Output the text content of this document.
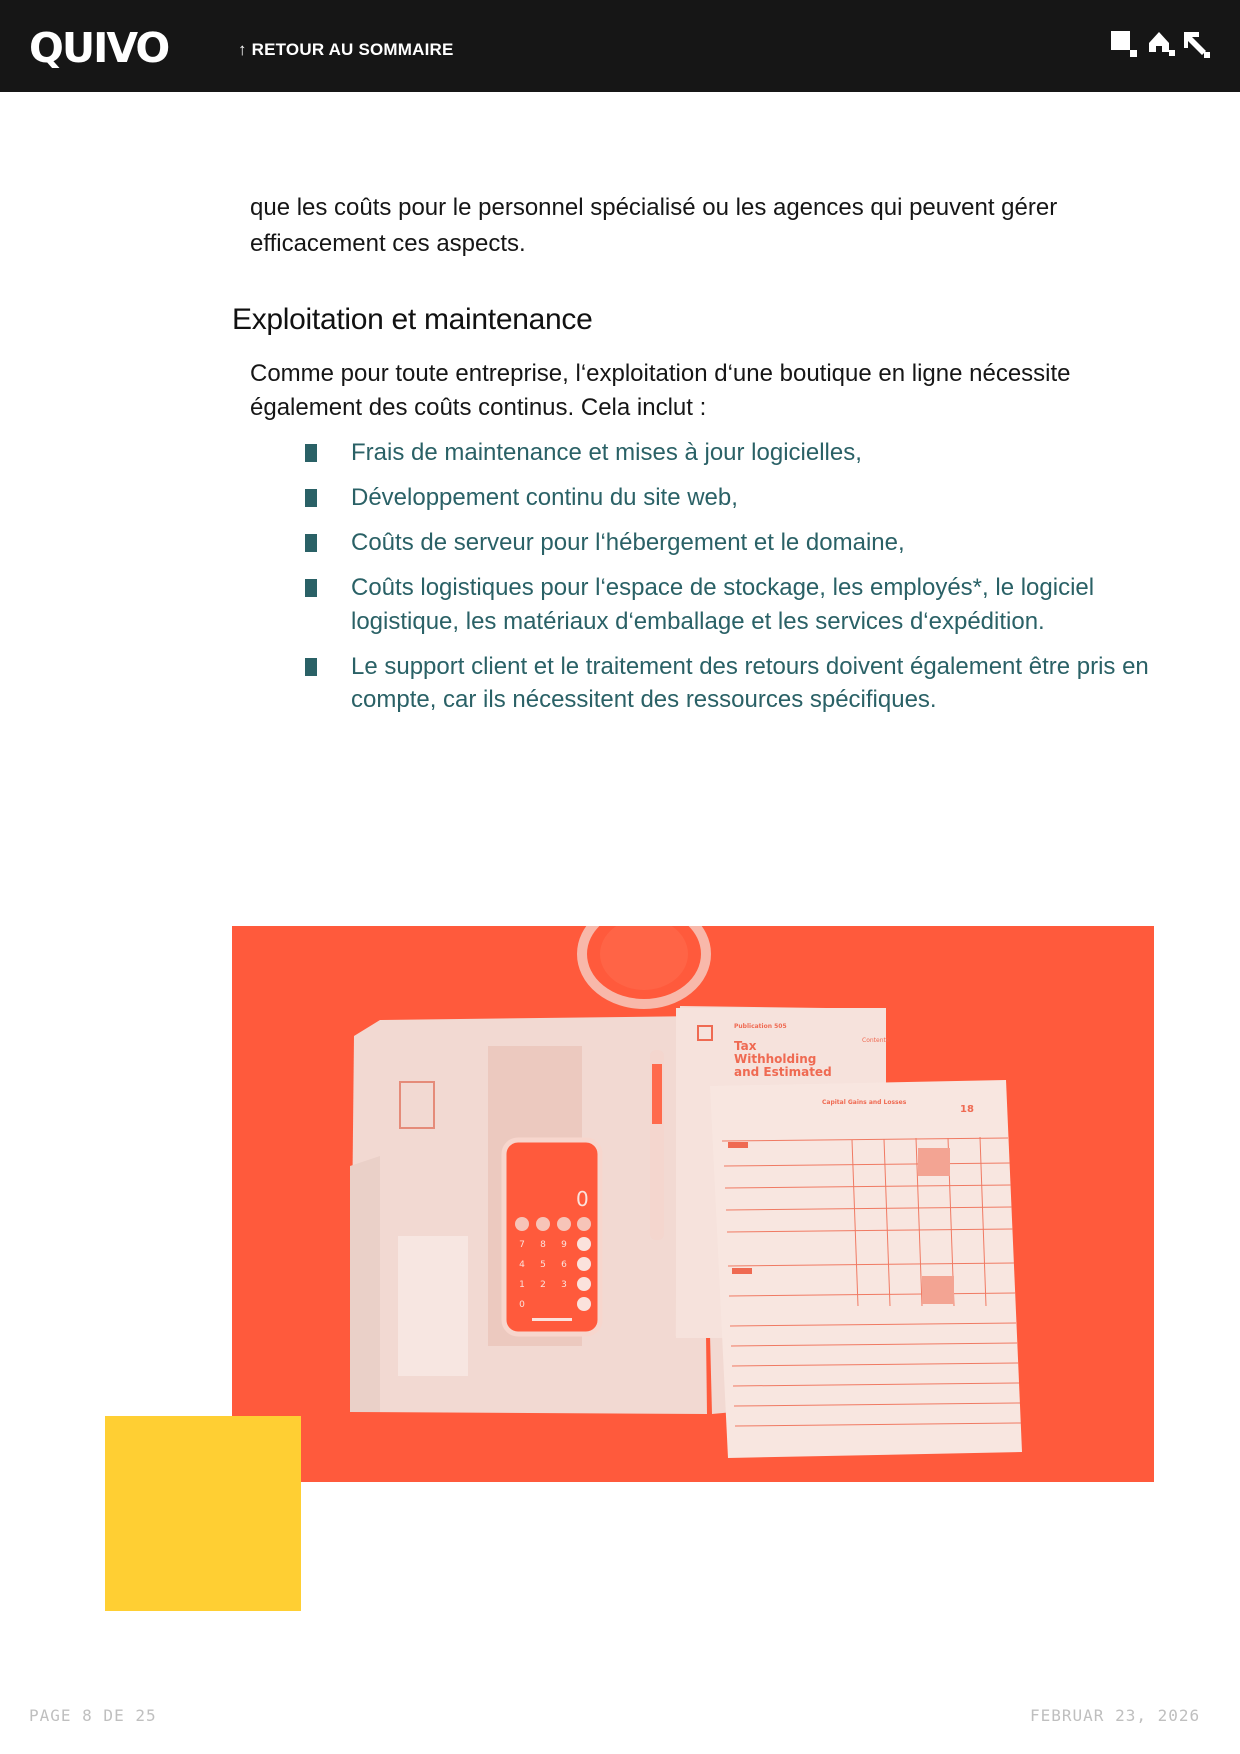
QUIVO	↑ RETOUR AU SOMMAIRE
que les coûts pour le personnel spécialisé ou les agences qui peuvent gérer efficacement ces aspects.
Exploitation et maintenance
Comme pour toute entreprise, l‘exploitation d‘une boutique en ligne nécessite également des coûts continus. Cela inclut :
Frais de maintenance et mises à jour logicielles,
Développement continu du site web,
Coûts de serveur pour l‘hébergement et le domaine,
Coûts logistiques pour l‘espace de stockage, les employés*, le logiciel logistique, les matériaux d‘emballage et les services d‘expédition.
Le support client et le traitement des retours doivent également être pris en compte, car ils nécessitent des ressources spécifiques.
0
7 8 9
4 5 6
1 2 3
0
Publication 505
Tax
Withholding
and Estimated
Contents
Capital Gains and Losses
18
PAGE 8 DE 25	FEBRUAR 23, 2026
